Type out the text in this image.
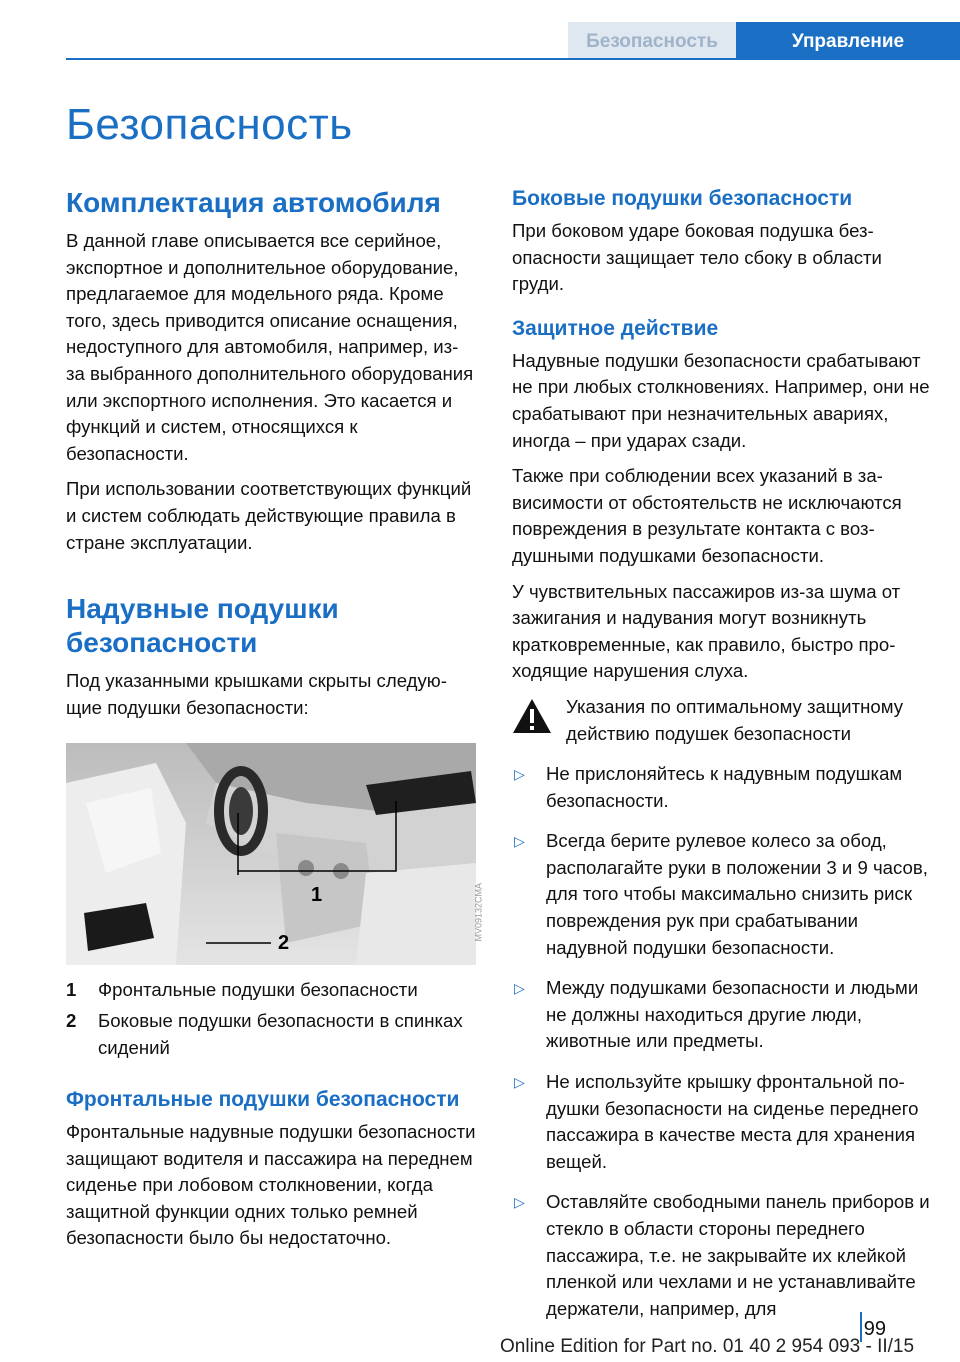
Безопасность	Управление
Безопасность
Комплектация автомобиля

В данной главе описывается все серийное, экспортное и дополнительное оборудование, предлагаемое для модельного ряда. Кроме того, здесь приводится описание оснащения, недоступного для автомобиля, например, из-за выбранного дополнительного оборудования или экспортного исполнения. Это касается и функций и систем, относящихся к безопасности.

При использовании соответствующих функций и систем соблюдать действующие правила в стране эксплуатации.

Надувные подушки безопасности

Под указанными крышками скрыты следующие подушки безопасности:

1
2
MV09132CMA
1	Фронтальные подушки безопасности
2	Боковые подушки безопасности в спинках сидений
Фронтальные подушки безопасности

Фронтальные надувные подушки безопасности защищают водителя и пассажира на переднем сиденье при лобовом столкновении, когда защитной функции одних только ремней безопасности было бы недостаточно.

Боковые подушки безопасности

При боковом ударе боковая подушка безопасности защищает тело сбоку в области груди.

Защитное действие

Надувные подушки безопасности срабатывают не при любых столкновениях. Например, они не срабатывают при незначительных авариях, иногда – при ударах сзади.

Также при соблюдении всех указаний в зависимости от обстоятельств не исключаются повреждения в результате контакта с воздушными подушками безопасности.

У чувствительных пассажиров из-за шума от зажигания и надувания могут возникнуть кратковременные, как правило, быстро проходящие нарушения слуха.

Указания по оптимальному защитному действию подушек безопасности

▷	Не прислоняйтесь к надувным подушкам безопасности.
▷	Всегда берите рулевое колесо за обод, располагайте руки в положении 3 и 9 часов, для того чтобы максимально снизить риск повреждения рук при срабатывании надувной подушки безопасности.
▷	Между подушками безопасности и людьми не должны находиться другие люди, животные или предметы.
▷	Не используйте крышку фронтальной подушки безопасности на сиденье переднего пассажира в качестве места для хранения вещей.
▷	Оставляйте свободными панель приборов и стекло в области стороны переднего пассажира, т.е. не закрывайте их клейкой пленкой или чехлами и не устанавливайте держатели, например, для
99
Online Edition for Part no. 01 40 2 954 093 - II/15
